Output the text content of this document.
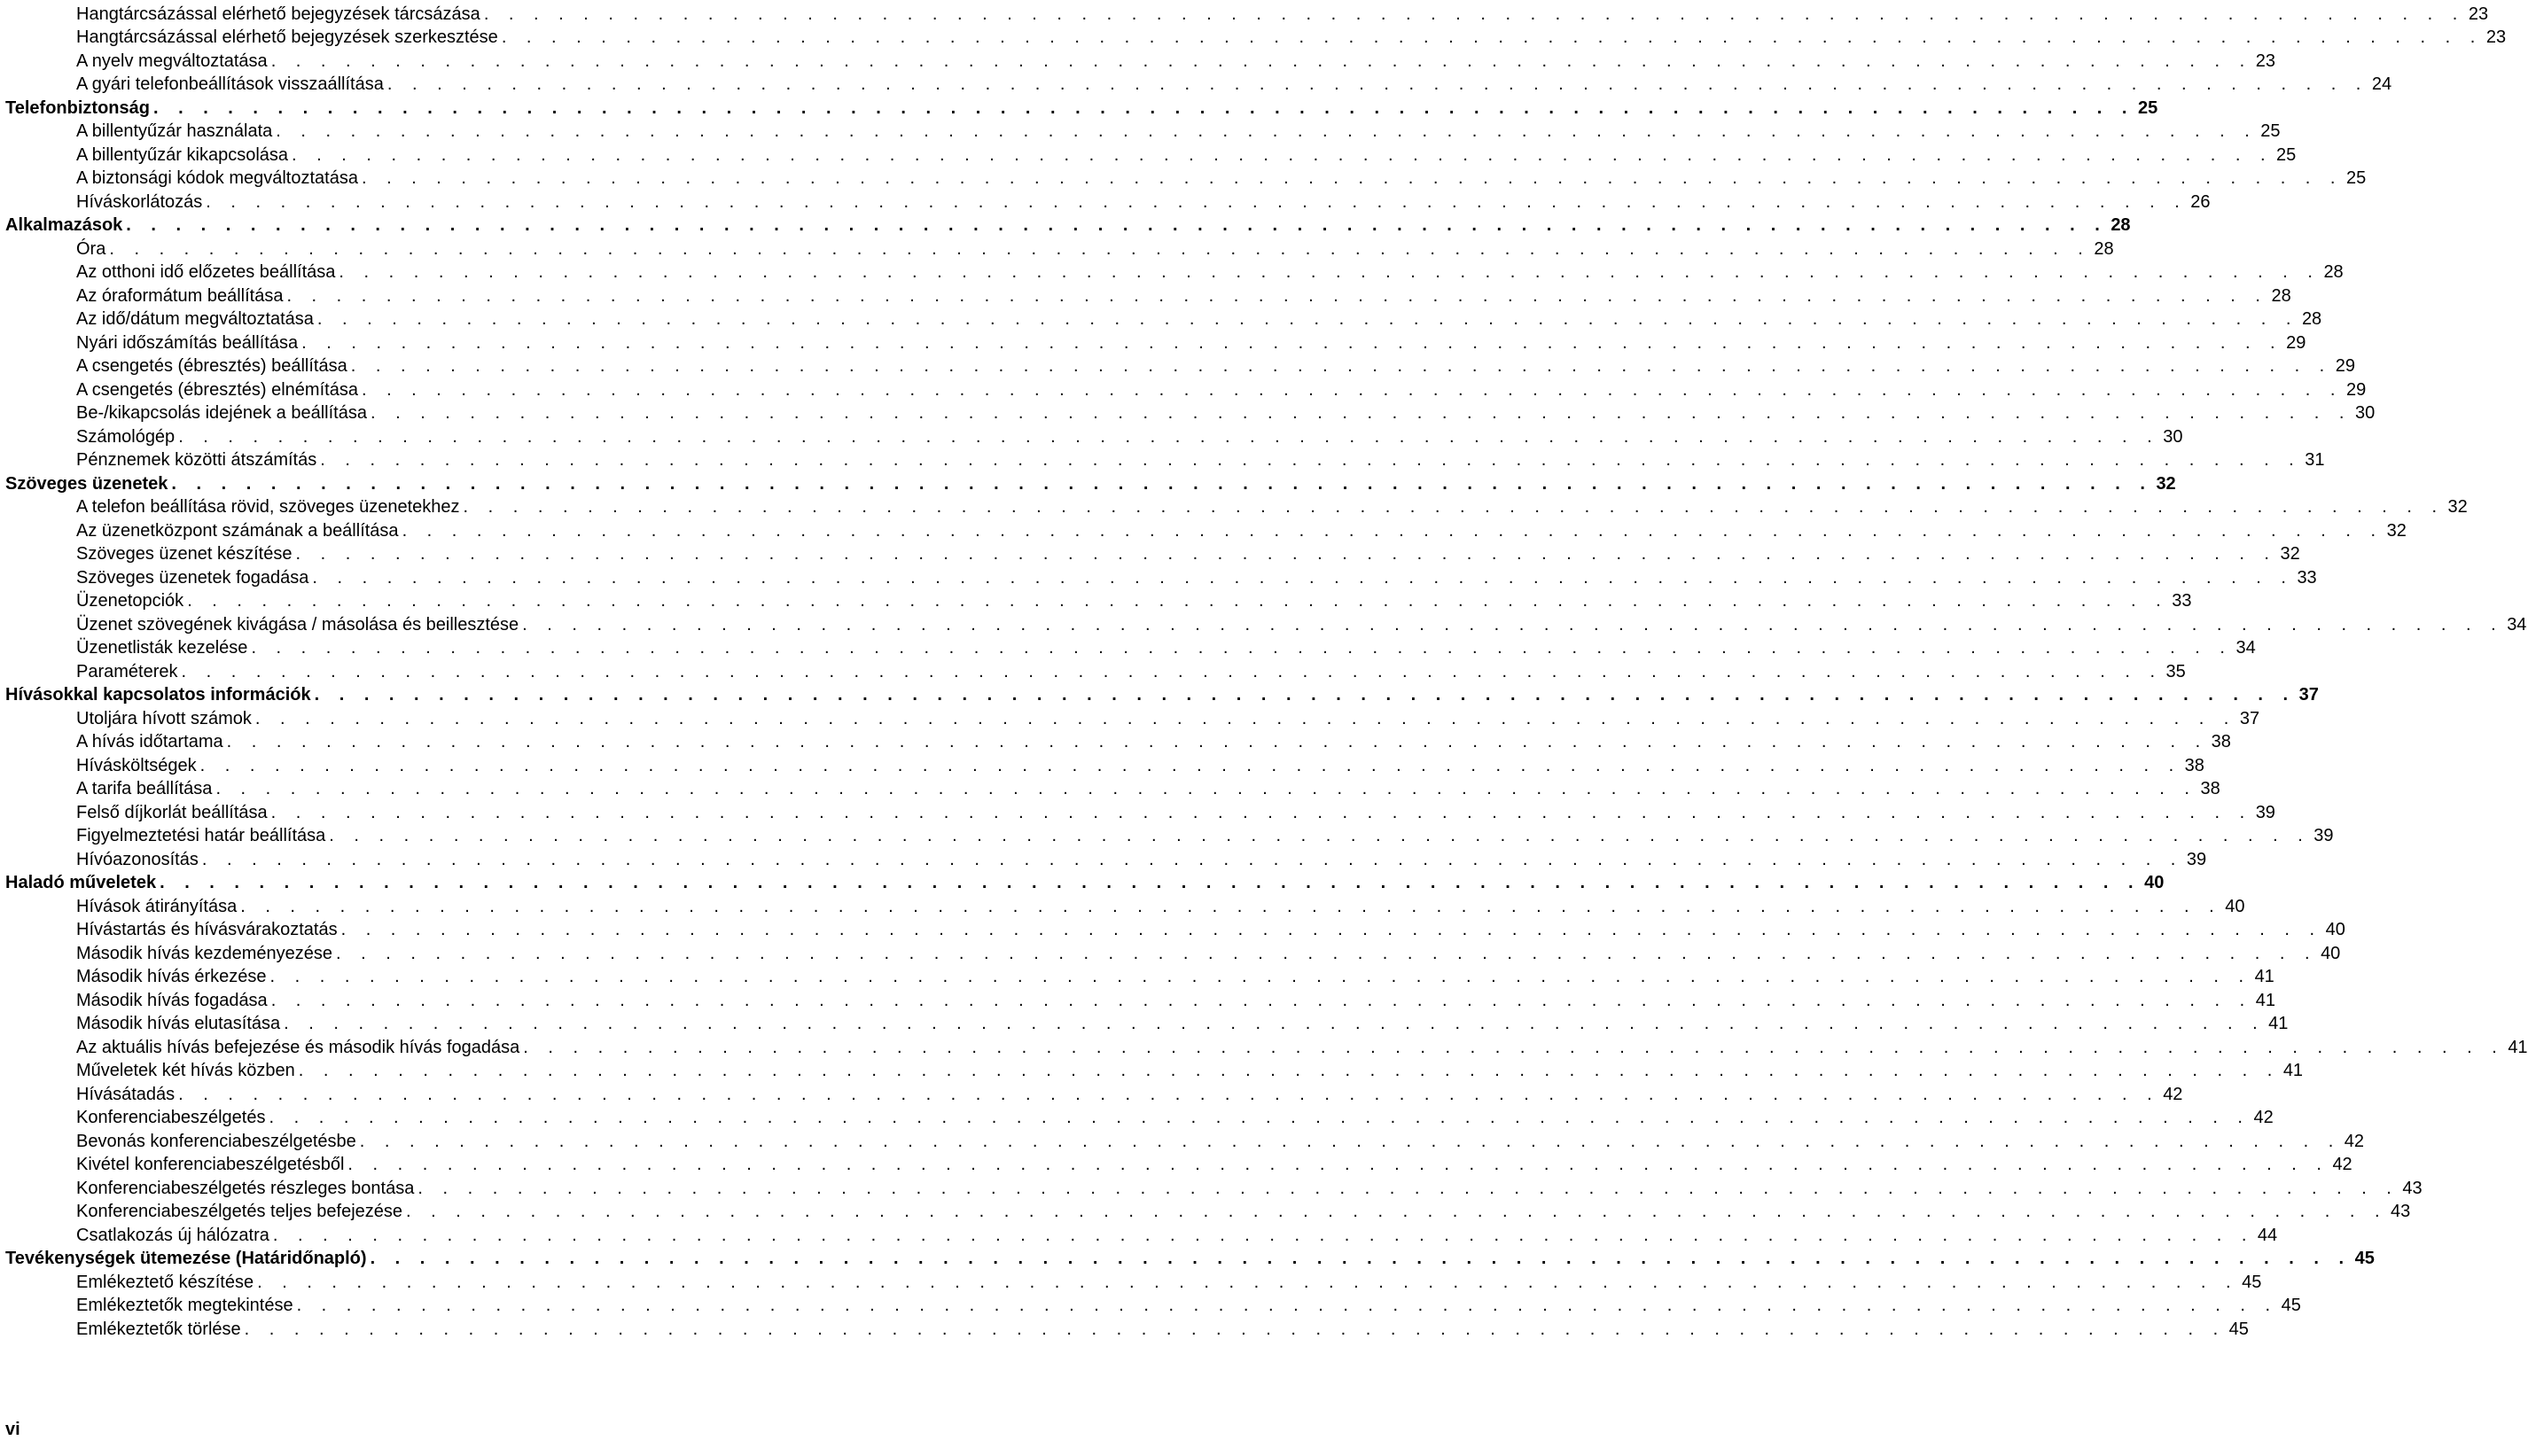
Hangtárcsázással elérhető bejegyzések tárcsázása . . . . . . . . . . . . . . . . . . . . . . . . . . . . . . . . . . . . . . . . . . . . . . . . . . . . . . . . . . . . . . . . . . . . . . . . . . . . . . . . 23
Hangtárcsázással elérhető bejegyzések szerkesztése . . . . . . . . . . . . . . . . . . . . . . . . . . . . . . . . . . . . . . . . . . . . . . . . . . . . . . . . . . . . . . . . . . . . . . . . . . . . . . . . 23
A nyelv megváltoztatása . . . . . . . . . . . . . . . . . . . . . . . . . . . . . . . . . . . . . . . . . . . . . . . . . . . . . . . . . . . . . . . . . . . . . . . . . . . . . . . . 23
A gyári telefonbeállítások visszaállítása . . . . . . . . . . . . . . . . . . . . . . . . . . . . . . . . . . . . . . . . . . . . . . . . . . . . . . . . . . . . . . . . . . . . . . . . . . . . . . . . 24
Telefonbiztonság . . . . . . . . . . . . . . . . . . . . . . . . . . . . . . . . . . . . . . . . . . . . . . . . . . . . . . . . . . . . . . . . . . . . . . . . . . . . . . . . 25
A billentyűzár használata . . . . . . . . . . . . . . . . . . . . . . . . . . . . . . . . . . . . . . . . . . . . . . . . . . . . . . . . . . . . . . . . . . . . . . . . . . . . . . . . 25
A billentyűzár kikapcsolása . . . . . . . . . . . . . . . . . . . . . . . . . . . . . . . . . . . . . . . . . . . . . . . . . . . . . . . . . . . . . . . . . . . . . . . . . . . . . . . . 25
A biztonsági kódok megváltoztatása . . . . . . . . . . . . . . . . . . . . . . . . . . . . . . . . . . . . . . . . . . . . . . . . . . . . . . . . . . . . . . . . . . . . . . . . . . . . . . . . 25
Híváskorlátozás . . . . . . . . . . . . . . . . . . . . . . . . . . . . . . . . . . . . . . . . . . . . . . . . . . . . . . . . . . . . . . . . . . . . . . . . . . . . . . . . 26
Alkalmazások . . . . . . . . . . . . . . . . . . . . . . . . . . . . . . . . . . . . . . . . . . . . . . . . . . . . . . . . . . . . . . . . . . . . . . . . . . . . . . . . 28
Óra . . . . . . . . . . . . . . . . . . . . . . . . . . . . . . . . . . . . . . . . . . . . . . . . . . . . . . . . . . . . . . . . . . . . . . . . . . . . . . . . 28
Az otthoni idő előzetes beállítása . . . . . . . . . . . . . . . . . . . . . . . . . . . . . . . . . . . . . . . . . . . . . . . . . . . . . . . . . . . . . . . . . . . . . . . . . . . . . . . . 28
Az óraformátum beállítása . . . . . . . . . . . . . . . . . . . . . . . . . . . . . . . . . . . . . . . . . . . . . . . . . . . . . . . . . . . . . . . . . . . . . . . . . . . . . . . . 28
Az idő/dátum megváltoztatása . . . . . . . . . . . . . . . . . . . . . . . . . . . . . . . . . . . . . . . . . . . . . . . . . . . . . . . . . . . . . . . . . . . . . . . . . . . . . . . . 28
Nyári időszámítás beállítása . . . . . . . . . . . . . . . . . . . . . . . . . . . . . . . . . . . . . . . . . . . . . . . . . . . . . . . . . . . . . . . . . . . . . . . . . . . . . . . . 29
A csengetés (ébresztés) beállítása . . . . . . . . . . . . . . . . . . . . . . . . . . . . . . . . . . . . . . . . . . . . . . . . . . . . . . . . . . . . . . . . . . . . . . . . . . . . . . . . 29
A csengetés (ébresztés) elnémítása . . . . . . . . . . . . . . . . . . . . . . . . . . . . . . . . . . . . . . . . . . . . . . . . . . . . . . . . . . . . . . . . . . . . . . . . . . . . . . . . 29
Be-/kikapcsolás idejének a beállítása . . . . . . . . . . . . . . . . . . . . . . . . . . . . . . . . . . . . . . . . . . . . . . . . . . . . . . . . . . . . . . . . . . . . . . . . . . . . . . . . 30
Számológép . . . . . . . . . . . . . . . . . . . . . . . . . . . . . . . . . . . . . . . . . . . . . . . . . . . . . . . . . . . . . . . . . . . . . . . . . . . . . . . . 30
Pénznemek közötti átszámítás . . . . . . . . . . . . . . . . . . . . . . . . . . . . . . . . . . . . . . . . . . . . . . . . . . . . . . . . . . . . . . . . . . . . . . . . . . . . . . . . 31
Szöveges üzenetek . . . . . . . . . . . . . . . . . . . . . . . . . . . . . . . . . . . . . . . . . . . . . . . . . . . . . . . . . . . . . . . . . . . . . . . . . . . . . . . . 32
A telefon beállítása rövid, szöveges üzenetekhez . . . . . . . . . . . . . . . . . . . . . . . . . . . . . . . . . . . . . . . . . . . . . . . . . . . . . . . . . . . . . . . . . . . . . . . . . . . . . . . . 32
Az üzenetközpont számának a beállítása . . . . . . . . . . . . . . . . . . . . . . . . . . . . . . . . . . . . . . . . . . . . . . . . . . . . . . . . . . . . . . . . . . . . . . . . . . . . . . . . 32
Szöveges üzenet készítése . . . . . . . . . . . . . . . . . . . . . . . . . . . . . . . . . . . . . . . . . . . . . . . . . . . . . . . . . . . . . . . . . . . . . . . . . . . . . . . . 32
Szöveges üzenetek fogadása . . . . . . . . . . . . . . . . . . . . . . . . . . . . . . . . . . . . . . . . . . . . . . . . . . . . . . . . . . . . . . . . . . . . . . . . . . . . . . . . 33
Üzenetopciók . . . . . . . . . . . . . . . . . . . . . . . . . . . . . . . . . . . . . . . . . . . . . . . . . . . . . . . . . . . . . . . . . . . . . . . . . . . . . . . . 33
Üzenet szövegének kivágása / másolása és beillesztése . . . . . . . . . . . . . . . . . . . . . . . . . . . . . . . . . . . . . . . . . . . . . . . . . . . . . . . . . . . . . . . . . . . . . . . . . . . . . . . . 34
Üzenetlisták kezelése . . . . . . . . . . . . . . . . . . . . . . . . . . . . . . . . . . . . . . . . . . . . . . . . . . . . . . . . . . . . . . . . . . . . . . . . . . . . . . . . 34
Paraméterek . . . . . . . . . . . . . . . . . . . . . . . . . . . . . . . . . . . . . . . . . . . . . . . . . . . . . . . . . . . . . . . . . . . . . . . . . . . . . . . . 35
Hívásokkal kapcsolatos információk . . . . . . . . . . . . . . . . . . . . . . . . . . . . . . . . . . . . . . . . . . . . . . . . . . . . . . . . . . . . . . . . . . . . . . . . . . . . . . . . 37
Utoljára hívott számok . . . . . . . . . . . . . . . . . . . . . . . . . . . . . . . . . . . . . . . . . . . . . . . . . . . . . . . . . . . . . . . . . . . . . . . . . . . . . . . . 37
A hívás időtartama . . . . . . . . . . . . . . . . . . . . . . . . . . . . . . . . . . . . . . . . . . . . . . . . . . . . . . . . . . . . . . . . . . . . . . . . . . . . . . . . 38
Hívásköltségek . . . . . . . . . . . . . . . . . . . . . . . . . . . . . . . . . . . . . . . . . . . . . . . . . . . . . . . . . . . . . . . . . . . . . . . . . . . . . . . . 38
A tarifa beállítása . . . . . . . . . . . . . . . . . . . . . . . . . . . . . . . . . . . . . . . . . . . . . . . . . . . . . . . . . . . . . . . . . . . . . . . . . . . . . . . . 38
Felső díjkorlát beállítása . . . . . . . . . . . . . . . . . . . . . . . . . . . . . . . . . . . . . . . . . . . . . . . . . . . . . . . . . . . . . . . . . . . . . . . . . . . . . . . . 39
Figyelmeztetési határ beállítása . . . . . . . . . . . . . . . . . . . . . . . . . . . . . . . . . . . . . . . . . . . . . . . . . . . . . . . . . . . . . . . . . . . . . . . . . . . . . . . . 39
Hívóazonosítás . . . . . . . . . . . . . . . . . . . . . . . . . . . . . . . . . . . . . . . . . . . . . . . . . . . . . . . . . . . . . . . . . . . . . . . . . . . . . . . . 39
Haladó műveletek . . . . . . . . . . . . . . . . . . . . . . . . . . . . . . . . . . . . . . . . . . . . . . . . . . . . . . . . . . . . . . . . . . . . . . . . . . . . . . . . 40
Hívások átirányítása . . . . . . . . . . . . . . . . . . . . . . . . . . . . . . . . . . . . . . . . . . . . . . . . . . . . . . . . . . . . . . . . . . . . . . . . . . . . . . . . 40
Hívástartás és hívásvárakoztatás . . . . . . . . . . . . . . . . . . . . . . . . . . . . . . . . . . . . . . . . . . . . . . . . . . . . . . . . . . . . . . . . . . . . . . . . . . . . . . . . 40
Második hívás kezdeményezése . . . . . . . . . . . . . . . . . . . . . . . . . . . . . . . . . . . . . . . . . . . . . . . . . . . . . . . . . . . . . . . . . . . . . . . . . . . . . . . . 40
Második hívás érkezése . . . . . . . . . . . . . . . . . . . . . . . . . . . . . . . . . . . . . . . . . . . . . . . . . . . . . . . . . . . . . . . . . . . . . . . . . . . . . . . . 41
Második hívás fogadása . . . . . . . . . . . . . . . . . . . . . . . . . . . . . . . . . . . . . . . . . . . . . . . . . . . . . . . . . . . . . . . . . . . . . . . . . . . . . . . . 41
Második hívás elutasítása . . . . . . . . . . . . . . . . . . . . . . . . . . . . . . . . . . . . . . . . . . . . . . . . . . . . . . . . . . . . . . . . . . . . . . . . . . . . . . . . 41
Az aktuális hívás befejezése és második hívás fogadása . . . . . . . . . . . . . . . . . . . . . . . . . . . . . . . . . . . . . . . . . . . . . . . . . . . . . . . . . . . . . . . . . . . . . . . . . . . . . . . . 41
Műveletek két hívás közben . . . . . . . . . . . . . . . . . . . . . . . . . . . . . . . . . . . . . . . . . . . . . . . . . . . . . . . . . . . . . . . . . . . . . . . . . . . . . . . . 41
Hívásátadás . . . . . . . . . . . . . . . . . . . . . . . . . . . . . . . . . . . . . . . . . . . . . . . . . . . . . . . . . . . . . . . . . . . . . . . . . . . . . . . . 42
Konferenciabeszélgetés . . . . . . . . . . . . . . . . . . . . . . . . . . . . . . . . . . . . . . . . . . . . . . . . . . . . . . . . . . . . . . . . . . . . . . . . . . . . . . . . 42
Bevonás konferenciabeszélgetésbe . . . . . . . . . . . . . . . . . . . . . . . . . . . . . . . . . . . . . . . . . . . . . . . . . . . . . . . . . . . . . . . . . . . . . . . . . . . . . . . . 42
Kivétel konferenciabeszélgetésből . . . . . . . . . . . . . . . . . . . . . . . . . . . . . . . . . . . . . . . . . . . . . . . . . . . . . . . . . . . . . . . . . . . . . . . . . . . . . . . . 42
Konferenciabeszélgetés részleges bontása . . . . . . . . . . . . . . . . . . . . . . . . . . . . . . . . . . . . . . . . . . . . . . . . . . . . . . . . . . . . . . . . . . . . . . . . . . . . . . . . 43
Konferenciabeszélgetés teljes befejezése . . . . . . . . . . . . . . . . . . . . . . . . . . . . . . . . . . . . . . . . . . . . . . . . . . . . . . . . . . . . . . . . . . . . . . . . . . . . . . . . 43
Csatlakozás új hálózatra . . . . . . . . . . . . . . . . . . . . . . . . . . . . . . . . . . . . . . . . . . . . . . . . . . . . . . . . . . . . . . . . . . . . . . . . . . . . . . . . 44
Tevékenységek ütemezése (Határidőnapló) . . . . . . . . . . . . . . . . . . . . . . . . . . . . . . . . . . . . . . . . . . . . . . . . . . . . . . . . . . . . . . . . . . . . . . . . . . . . . . . . 45
Emlékeztető készítése . . . . . . . . . . . . . . . . . . . . . . . . . . . . . . . . . . . . . . . . . . . . . . . . . . . . . . . . . . . . . . . . . . . . . . . . . . . . . . . . 45
Emlékeztetők megtekintése . . . . . . . . . . . . . . . . . . . . . . . . . . . . . . . . . . . . . . . . . . . . . . . . . . . . . . . . . . . . . . . . . . . . . . . . . . . . . . . . 45
Emlékeztetők törlése . . . . . . . . . . . . . . . . . . . . . . . . . . . . . . . . . . . . . . . . . . . . . . . . . . . . . . . . . . . . . . . . . . . . . . . . . . . . . . . . 45
vi
